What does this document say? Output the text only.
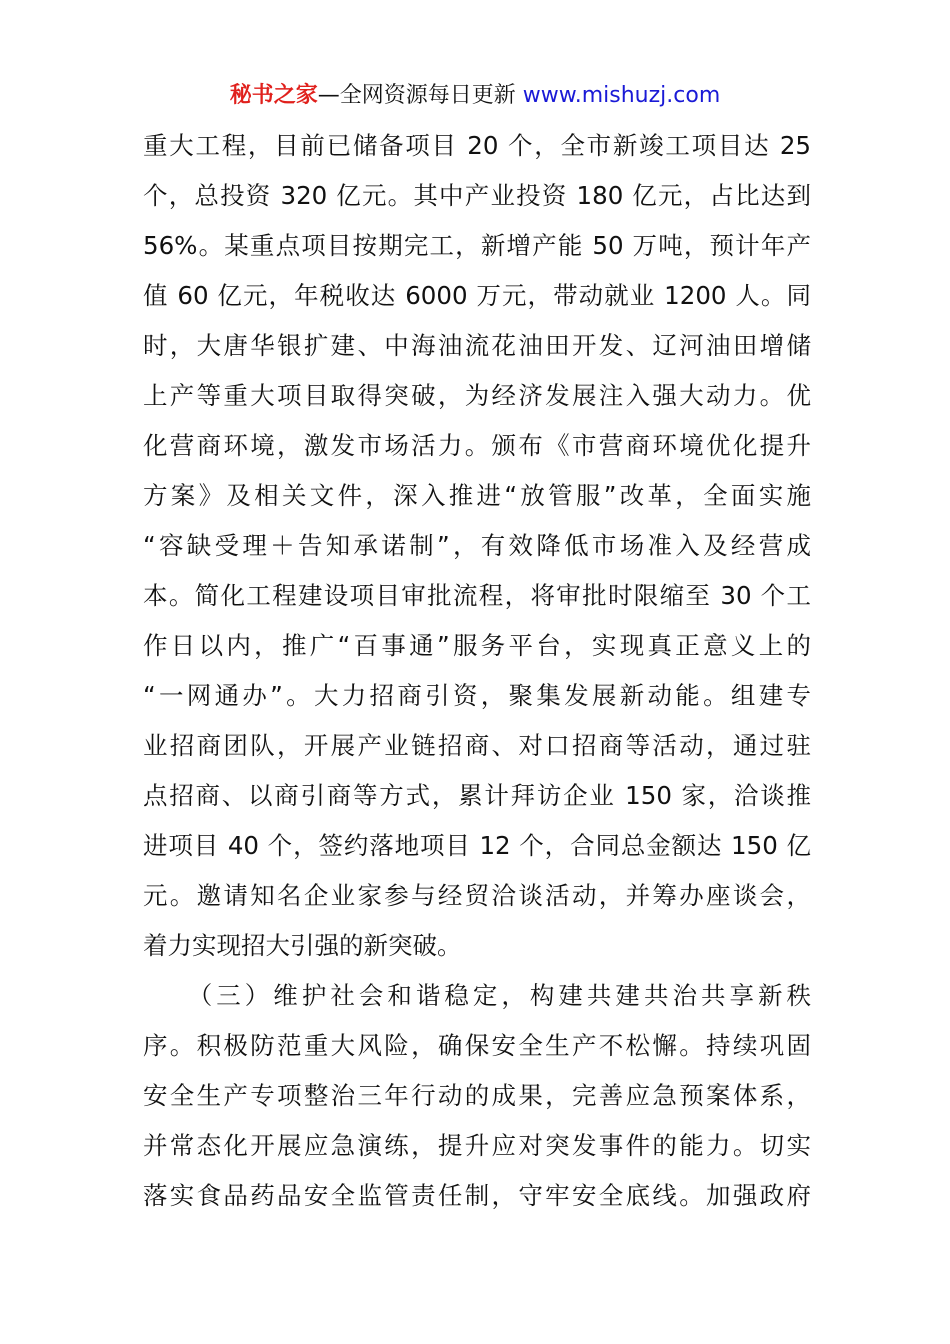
秘书之家—全网资源每日更新 www.mishuzj.com
重大工程，目前已储备项目 20 个，全市新竣工项目达 25
个，总投资 320 亿元。其中产业投资 180 亿元，占比达到
56%。某重点项目按期完工，新增产能 50 万吨，预计年产
值 60 亿元，年税收达 6000 万元，带动就业 1200 人。同
时，大唐华银扩建、中海油流花油田开发、辽河油田增储
上产等重大项目取得突破，为经济发展注入强大动力。优
化营商环境，激发市场活力。颁布《市营商环境优化提升
方案》及相关文件，深入推进“放管服”改革，全面实施
“容缺受理＋告知承诺制”，有效降低市场准入及经营成
本。简化工程建设项目审批流程，将审批时限缩至 30 个工
作日以内，推广“百事通”服务平台，实现真正意义上的
“一网通办”。大力招商引资，聚集发展新动能。组建专
业招商团队，开展产业链招商、对口招商等活动，通过驻
点招商、以商引商等方式，累计拜访企业 150 家，洽谈推
进项目 40 个，签约落地项目 12 个，合同总金额达 150 亿
元。邀请知名企业家参与经贸洽谈活动，并筹办座谈会，
着力实现招大引强的新突破。
　　（三）维护社会和谐稳定，构建共建共治共享新秩
序。积极防范重大风险，确保安全生产不松懈。持续巩固
安全生产专项整治三年行动的成果，完善应急预案体系，
并常态化开展应急演练，提升应对突发事件的能力。切实
落实食品药品安全监管责任制，守牢安全底线。加强政府
